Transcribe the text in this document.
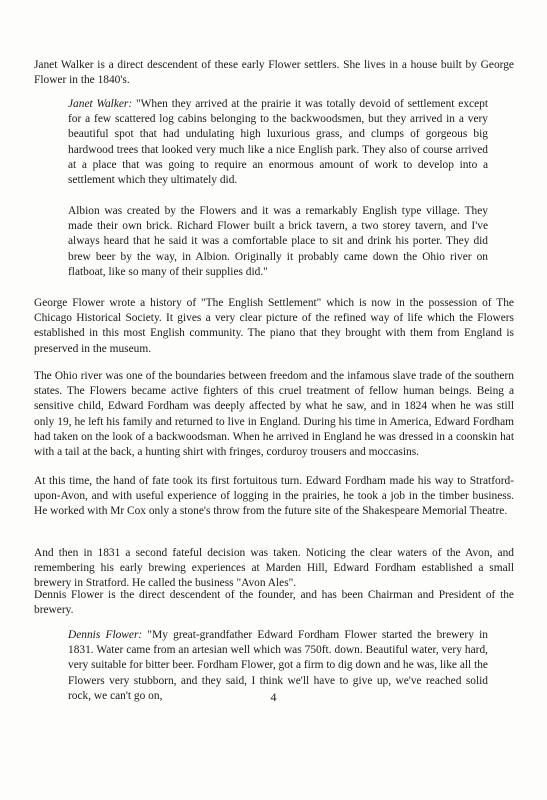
Janet Walker is a direct descendent of these early Flower settlers. She lives in a house built by George Flower in the 1840's.

Janet Walker: "When they arrived at the prairie it was totally devoid of settlement except for a few scattered log cabins belonging to the backwoodsmen, but they arrived in a very beautiful spot that had undulating high luxurious grass, and clumps of gorgeous big hardwood trees that looked very much like a nice English park. They also of course arrived at a place that was going to require an enormous amount of work to develop into a settlement which they ultimately did.

Albion was created by the Flowers and it was a remarkably English type village. They made their own brick. Richard Flower built a brick tavern, a two storey tavern, and I've always heard that he said it was a comfortable place to sit and drink his porter. They did brew beer by the way, in Albion. Originally it probably came down the Ohio river on flatboat, like so many of their supplies did."

George Flower wrote a history of "The English Settlement" which is now in the possession of The Chicago Historical Society. It gives a very clear picture of the refined way of life which the Flowers established in this most English community. The piano that they brought with them from England is preserved in the museum.

The Ohio river was one of the boundaries between freedom and the infamous slave trade of the southern states. The Flowers became active fighters of this cruel treatment of fellow human beings. Being a sensitive child, Edward Fordham was deeply affected by what he saw, and in 1824 when he was still only 19, he left his family and returned to live in England. During his time in America, Edward Fordham had taken on the look of a backwoodsman. When he arrived in England he was dressed in a coonskin hat with a tail at the back, a hunting shirt with fringes, corduroy trousers and moccasins.

At this time, the hand of fate took its first fortuitous turn. Edward Fordham made his way to Stratford-upon-Avon, and with useful experience of logging in the prairies, he took a job in the timber business. He worked with Mr Cox only a stone's throw from the future site of the Shakespeare Memorial Theatre.

And then in 1831 a second fateful decision was taken. Noticing the clear waters of the Avon, and remembering his early brewing experiences at Marden Hill, Edward Fordham established a small brewery in Stratford. He called the business "Avon Ales".

Dennis Flower is the direct descendent of the founder, and has been Chairman and President of the brewery.

Dennis Flower: "My great-grandfather Edward Fordham Flower started the brewery in 1831. Water came from an artesian well which was 750ft. down. Beautiful water, very hard, very suitable for bitter beer. Fordham Flower, got a firm to dig down and he was, like all the Flowers very stubborn, and they said, I think we'll have to give up, we've reached solid rock, we can't go on,	4
